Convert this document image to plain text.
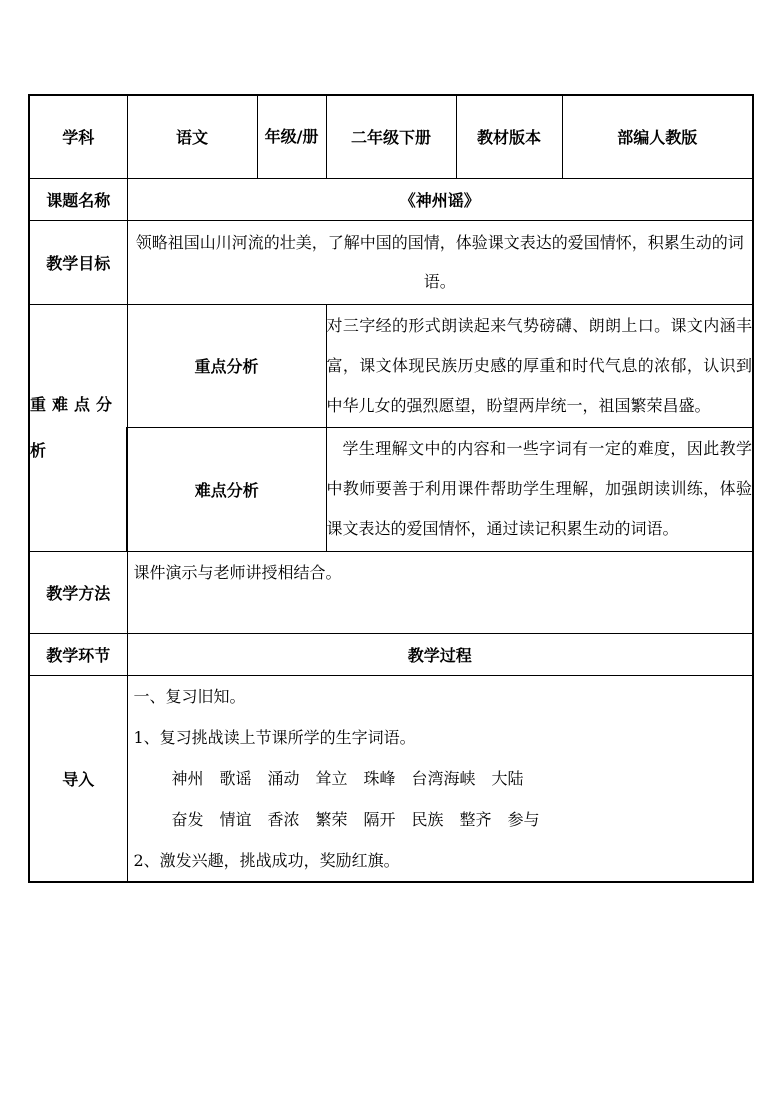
学科	语文	年级/册	二年级下册	教材版本	部编人教版
课题名称	《神州谣》				
教学目标	领略祖国山川河流的壮美，了解中国的国情，体验课文表达的爱国情怀，积累生动的词语。				
重难点分析	重点分析		对三字经的形式朗读起来气势磅礴、朗朗上口。课文内涵丰富，课文体现民族历史感的厚重和时代气息的浓郁，认识到中华儿女的强烈愿望，盼望两岸统一，祖国繁荣昌盛。		
	难点分析		学生理解文中的内容和一些字词有一定的难度，因此教学中教师要善于利用课件帮助学生理解，加强朗读训练，体验课文表达的爱国情怀，通过读记积累生动的词语。		
教学方法	课件演示与老师讲授相结合。				
教学环节	教学过程				
导入	一、复习旧知。

1、复习挑战读上节课所学的生字词语。

神州　歌谣　涌动　耸立　珠峰　台湾海峡　大陆

奋发　情谊　香浓　繁荣　隔开　民族　整齐　参与

2、激发兴趣，挑战成功，奖励红旗。				
